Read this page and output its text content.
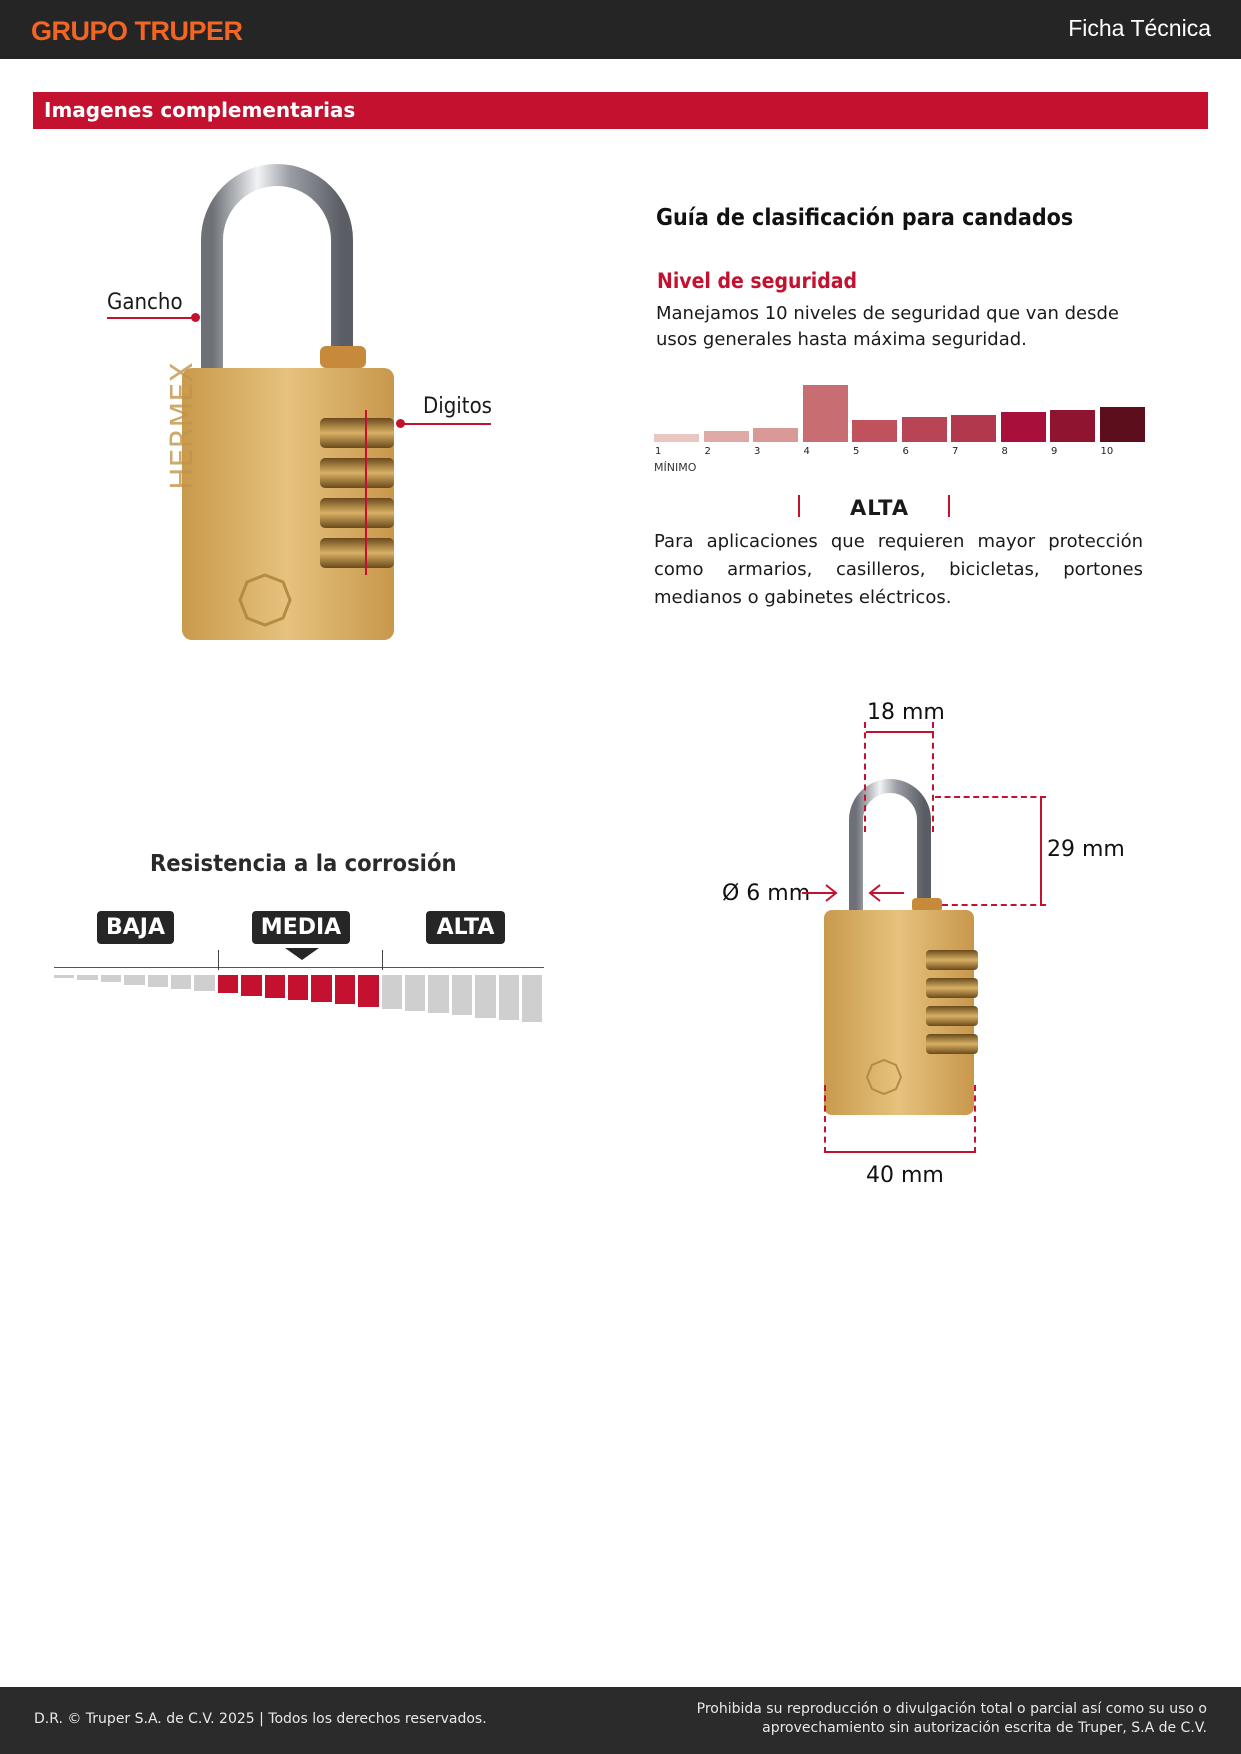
GRUPO TRUPER	Ficha Técnica
Imagenes complementarias
HERMEX
Gancho
Digitos
Guía de clasificación para candados
Nivel de seguridad
Manejamos 10 niveles de seguridad que van desde usos generales hasta máxima seguridad.
1	2	3	4	5	6	7	8	9	10
MÍNIMO
ALTA
Para aplicaciones que requieren mayor protección como armarios, casilleros, bicicletas, portones medianos o gabinetes eléctricos.
Resistencia a la corrosión
BAJA	MEDIA	ALTA
18 mm
29 mm
Ø 6 mm
40 mm
D.R. © Truper S.A. de C.V. 2025 | Todos los derechos reservados.
Prohibida su reproducción o divulgación total o parcial así como su uso o
aprovechamiento sin autorización escrita de Truper, S.A de C.V.
